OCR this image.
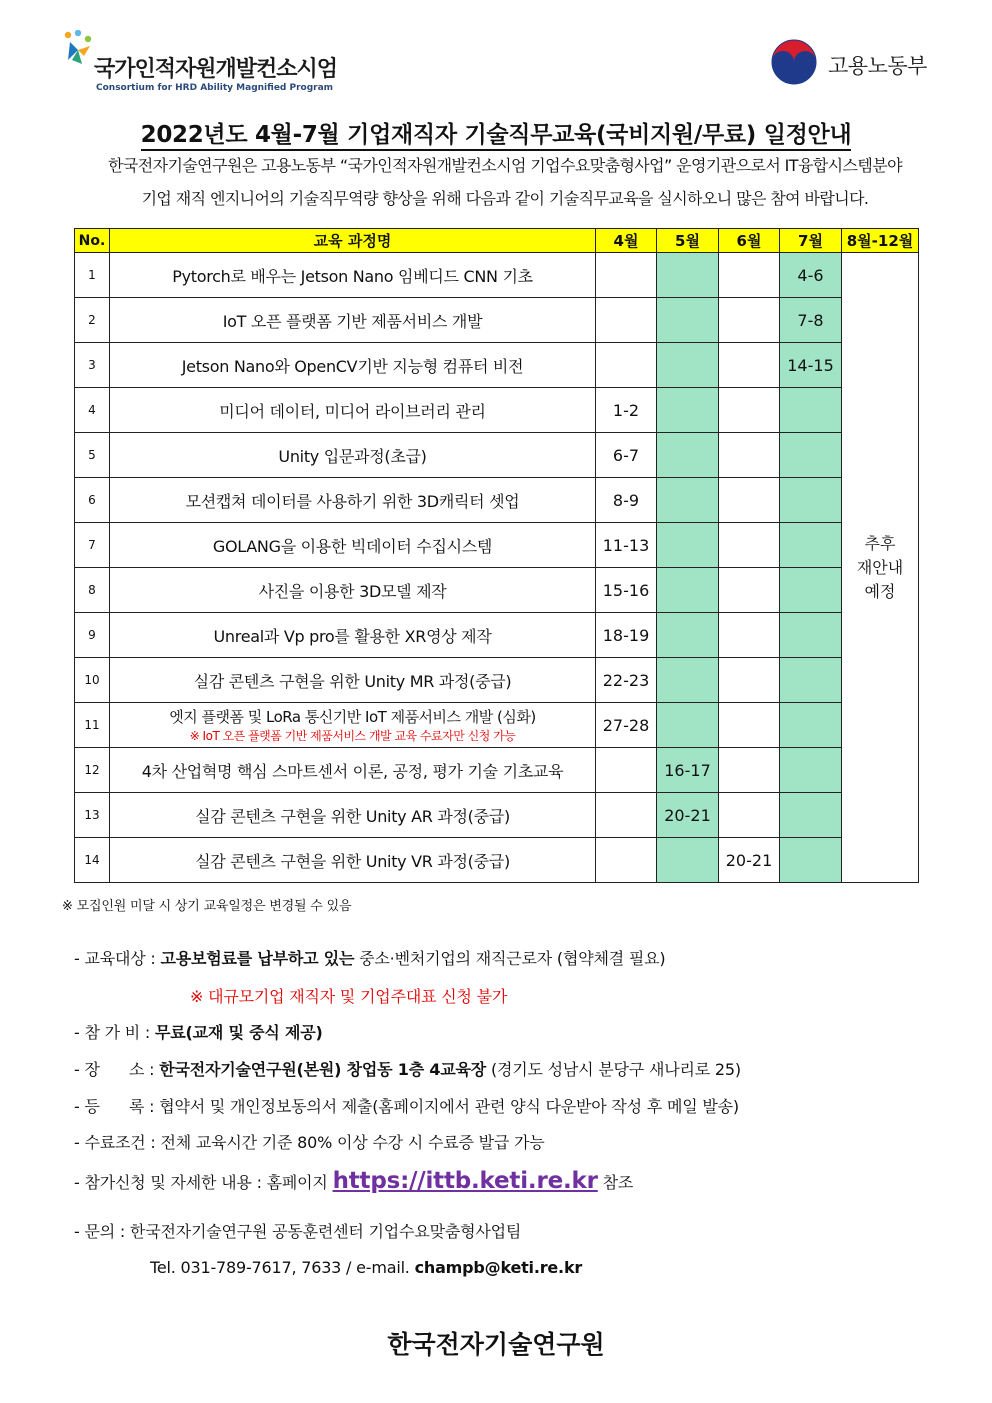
국가인적자원개발컨소시엄
Consortium for HRD Ability Magnified Program
고용노동부
2022년도 4월-7월 기업재직자 기술직무교육(국비지원/무료) 일정안내
한국전자기술연구원은 고용노동부 “국가인적자원개발컨소시엄 기업수요맞춤형사업” 운영기관으로서 IT융합시스템분야
기업 재직 엔지니어의 기술직무역량 향상을 위해 다음과 같이 기술직무교육을 실시하오니 많은 참여 바랍니다.
No.	교육 과정명	4월	5월	6월	7월	8월-12월
1	Pytorch로 배우는 Jetson Nano 임베디드 CNN 기초				4-6	추후
재안내
예정
2	IoT 오픈 플랫폼 기반 제품서비스 개발				7-8	
3	Jetson Nano와 OpenCV기반 지능형 컴퓨터 비전				14-15	
4	미디어 데이터, 미디어 라이브러리 관리	1-2				
5	Unity 입문과정(초급)	6-7				
6	모션캡쳐 데이터를 사용하기 위한 3D캐릭터 셋업	8-9				
7	GOLANG을 이용한 빅데이터 수집시스템	11-13				
8	사진을 이용한 3D모델 제작	15-16				
9	Unreal과 Vp pro를 활용한 XR영상 제작	18-19				
10	실감 콘텐츠 구현을 위한 Unity MR 과정(중급)	22-23				
11	엣지 플랫폼 및 LoRa 통신기반 IoT 제품서비스 개발 (심화)
※ IoT 오픈 플랫폼 기반 제품서비스 개발 교육 수료자만 신청 가능	27-28				
12	4차 산업혁명 핵심 스마트센서 이론, 공정, 평가 기술 기초교육		16-17			
13	실감 콘텐츠 구현을 위한 Unity AR 과정(중급)		20-21			
14	실감 콘텐츠 구현을 위한 Unity VR 과정(중급)			20-21		
※ 모집인원 미달 시 상기 교육일정은 변경될 수 있음
- 교육대상 : 고용보험료를 납부하고 있는 중소·벤처기업의 재직근로자 (협약체결 필요)
※ 대규모기업 재직자 및 기업주대표 신청 불가
- 참 가 비 : 무료(교재 및 중식 제공)
- 장      소 : 한국전자기술연구원(본원) 창업동 1층 4교육장 (경기도 성남시 분당구 새나리로 25)
- 등      록 : 협약서 및 개인정보동의서 제출(홈페이지에서 관련 양식 다운받아 작성 후 메일 발송)
- 수료조건 : 전체 교육시간 기준 80% 이상 수강 시 수료증 발급 가능
- 참가신청 및 자세한 내용 : 홈페이지 https://ittb.keti.re.kr 참조
- 문의 : 한국전자기술연구원 공동훈련센터 기업수요맞춤형사업팀
Tel. 031-789-7617, 7633 / e-mail. champb@keti.re.kr
한국전자기술연구원
